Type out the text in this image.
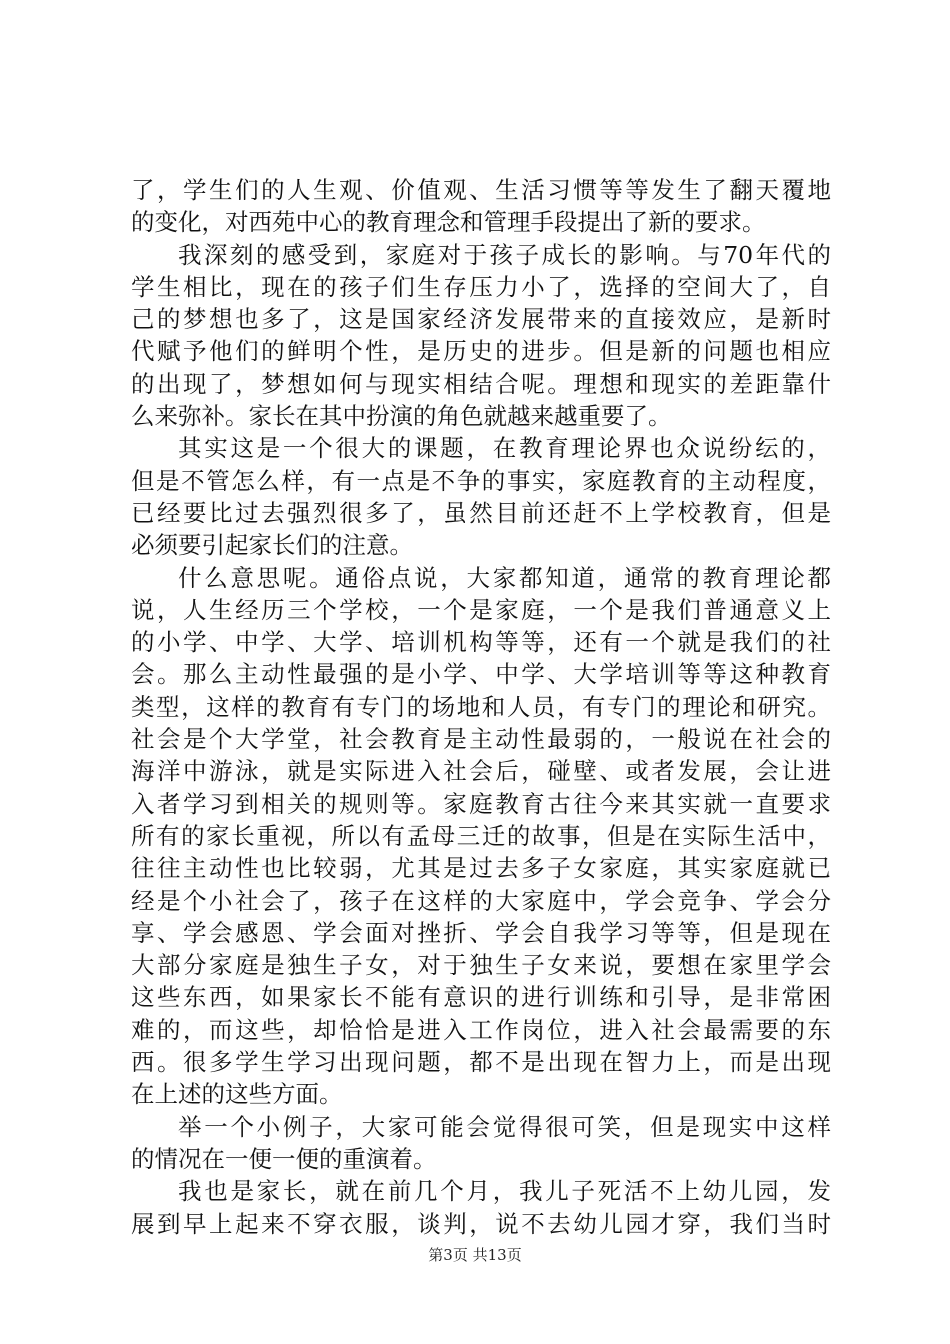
了，学生们的人生观、价值观、生活习惯等等发生了翻天覆地
的变化，对西苑中心的教育理念和管理手段提出了新的要求。
我深刻的感受到，家庭对于孩子成长的影响。与70年代的
学生相比，现在的孩子们生存压力小了，选择的空间大了，自
己的梦想也多了，这是国家经济发展带来的直接效应，是新时
代赋予他们的鲜明个性，是历史的进步。但是新的问题也相应
的出现了，梦想如何与现实相结合呢。理想和现实的差距靠什
么来弥补。家长在其中扮演的角色就越来越重要了。
其实这是一个很大的课题，在教育理论界也众说纷纭的，
但是不管怎么样，有一点是不争的事实，家庭教育的主动程度，
已经要比过去强烈很多了，虽然目前还赶不上学校教育，但是
必须要引起家长们的注意。
什么意思呢。通俗点说，大家都知道，通常的教育理论都
说，人生经历三个学校，一个是家庭，一个是我们普通意义上
的小学、中学、大学、培训机构等等，还有一个就是我们的社
会。那么主动性最强的是小学、中学、大学培训等等这种教育
类型，这样的教育有专门的场地和人员，有专门的理论和研究。
社会是个大学堂，社会教育是主动性最弱的，一般说在社会的
海洋中游泳，就是实际进入社会后，碰壁、或者发展，会让进
入者学习到相关的规则等。家庭教育古往今来其实就一直要求
所有的家长重视，所以有孟母三迁的故事，但是在实际生活中，
往往主动性也比较弱，尤其是过去多子女家庭，其实家庭就已
经是个小社会了，孩子在这样的大家庭中，学会竞争、学会分
享、学会感恩、学会面对挫折、学会自我学习等等，但是现在
大部分家庭是独生子女，对于独生子女来说，要想在家里学会
这些东西，如果家长不能有意识的进行训练和引导，是非常困
难的，而这些，却恰恰是进入工作岗位，进入社会最需要的东
西。很多学生学习出现问题，都不是出现在智力上，而是出现
在上述的这些方面。
举一个小例子，大家可能会觉得很可笑，但是现实中这样
的情况在一便一便的重演着。
我也是家长，就在前几个月，我儿子死活不上幼儿园，发
展到早上起来不穿衣服，谈判，说不去幼儿园才穿，我们当时
第3页 共13页
